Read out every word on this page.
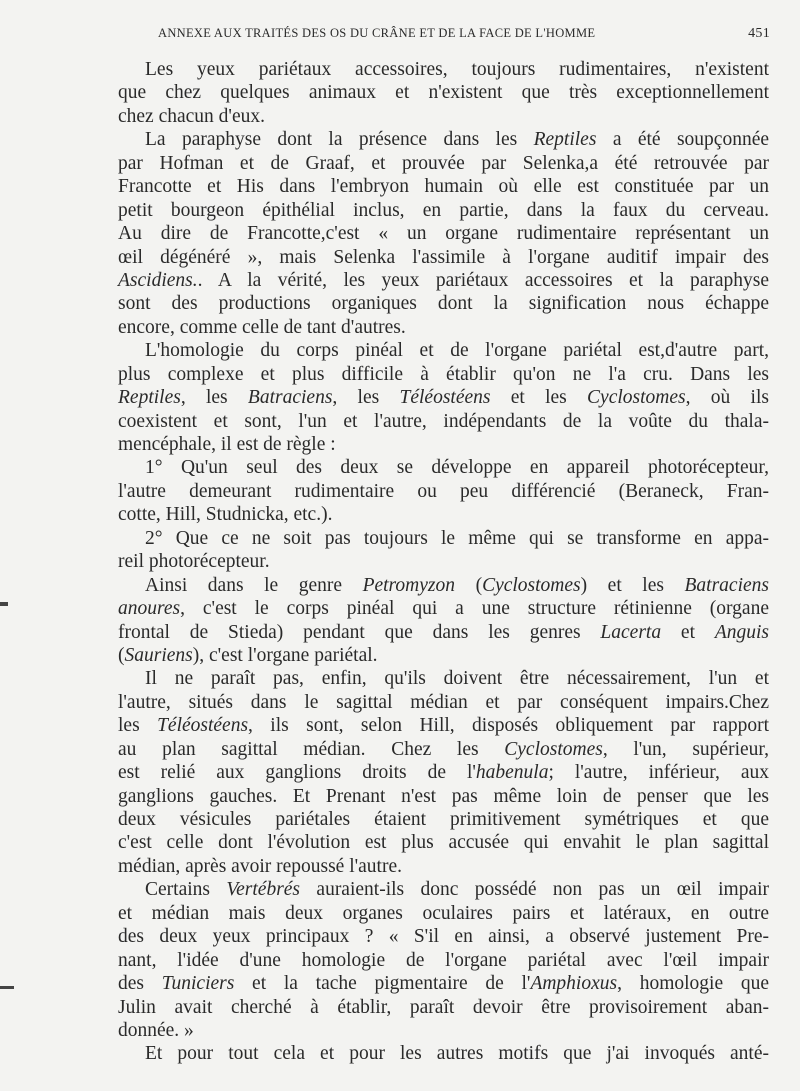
ANNEXE AUX TRAITÉS DES OS DU CRÂNE ET DE LA FACE DE L'HOMME	451
Les yeux pariétaux accessoires, toujours rudimentaires, n'existent
que chez quelques animaux et n'existent que très exceptionnellement
chez chacun d'eux.
La paraphyse dont la présence dans les Reptiles a été soupçonnée
par Hofman et de Graaf, et prouvée par Selenka,a été retrouvée par
Francotte et His dans l'embryon humain où elle est constituée par un
petit bourgeon épithélial inclus, en partie, dans la faux du cerveau.
Au dire de Francotte,c'est « un organe rudimentaire représentant un
œil dégénéré », mais Selenka l'assimile à l'organe auditif impair des
Ascidiens.. A la vérité, les yeux pariétaux accessoires et la paraphyse
sont des productions organiques dont la signification nous échappe
encore, comme celle de tant d'autres.
L'homologie du corps pinéal et de l'organe pariétal est,d'autre part,
plus complexe et plus difficile à établir qu'on ne l'a cru. Dans les
Reptiles, les Batraciens, les Téléostéens et les Cyclostomes, où ils
coexistent et sont, l'un et l'autre, indépendants de la voûte du thala-
mencéphale, il est de règle :
1° Qu'un seul des deux se développe en appareil photorécepteur,
l'autre demeurant rudimentaire ou peu différencié (Beraneck, Fran-
cotte, Hill, Studnicka, etc.).
2° Que ce ne soit pas toujours le même qui se transforme en appa-
reil photorécepteur.
Ainsi dans le genre Petromyzon (Cyclostomes) et les Batraciens
anoures, c'est le corps pinéal qui a une structure rétinienne (organe
frontal de Stieda) pendant que dans les genres Lacerta et Anguis
(Sauriens), c'est l'organe pariétal.
Il ne paraît pas, enfin, qu'ils doivent être nécessairement, l'un et
l'autre, situés dans le sagittal médian et par conséquent impairs.Chez
les Téléostéens, ils sont, selon Hill, disposés obliquement par rapport
au plan sagittal médian. Chez les Cyclostomes, l'un, supérieur,
est relié aux ganglions droits de l'habenula; l'autre, inférieur, aux
ganglions gauches. Et Prenant n'est pas même loin de penser que les
deux vésicules pariétales étaient primitivement symétriques et que
c'est celle dont l'évolution est plus accusée qui envahit le plan sagittal
médian, après avoir repoussé l'autre.
Certains Vertébrés auraient-ils donc possédé non pas un œil impair
et médian mais deux organes oculaires pairs et latéraux, en outre
des deux yeux principaux ? « S'il en ainsi, a observé justement Pre-
nant, l'idée d'une homologie de l'organe pariétal avec l'œil impair
des Tuniciers et la tache pigmentaire de l'Amphioxus, homologie que
Julin avait cherché à établir, paraît devoir être provisoirement aban-
donnée. »
Et pour tout cela et pour les autres motifs que j'ai invoqués anté-
